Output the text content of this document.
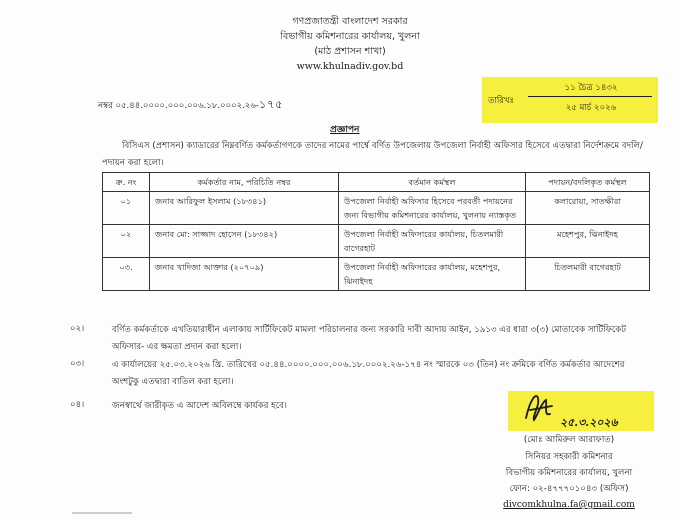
গণপ্রজাতন্ত্রী বাংলাদেশ সরকার
বিভাগীয় কমিশনারের কার্যালয়, খুলনা
(মাঠ প্রশাসন শাখা)
www.khulnadiv.gov.bd
নম্বর ০৫.৪৪.০০০০.০০০.০০৬.১৮.০০০২.২৬-১৭৫	তারিখঃ
১১ চৈত্র ১৪৩২
২৫ মার্চ ২০২৬
প্রজ্ঞাপন
বিসিএস (প্রশাসন) ক্যাডারের নিম্নবর্ণিত কর্মকর্তাগণকে তাদের নামের পার্শ্বে বর্ণিত উপজেলায় উপজেলা নির্বাহী অফিসার হিসেবে এতদ্বারা নির্দেশক্রমে বদলি/পদায়ন করা হলো।
ক্র. নং	কর্মকর্তার নাম, পরিচিতি নম্বর	বর্তমান কর্মস্থল	পদায়ন/বদলিকৃত কর্মস্থল
০১	জনাব আরিফুল ইসলাম (১৮৩৪১)	উপজেলা নির্বাহী অফিসার হিসেবে পরবর্তী পদায়নের জন্য বিভাগীয় কমিশনারের কার্যালয়, খুলনায় ন্যাস্তকৃত	কলারোয়া, সাতক্ষীরা
০২	জনাব মো: সাজ্জাদ হোসেন (১৮৩৪২)	উপজেলা নির্বাহী অফিসারের কার্যালয়, চিতলমারী বাগেরহাট	মহেশপুর, ঝিনাইদহ
০৩.	জনাব খাদিজা আক্তার (২০৭০৯)	উপজেলা নির্বাহী অফিসারের কার্যালয়, মহেশপুর, ঝিনাইদহ	চিতলমারী বাগেরহাট
০২।	বর্ণিত কর্মকর্তাকে এখতিয়ারাধীন এলাকায় সার্টিফিকেট মামলা পরিচালনার জন্য সরকারি দাবী আদায় আইন, ১৯১৩ এর ধারা ৩(৩) মোতাবেক সার্টিফিকেট অফিসার- এর ক্ষমতা প্রদান করা হলো।
০৩।	এ কার্যালয়ের ২৫.০৩.২০২৬ খ্রি. তারিখের ০৫.৪৪.০০০০.০০০.০০৬.১৮.০০০২.২৬-১৭৪ নং স্মারকে ০৩ (তিন) নং ক্রমিকে বর্ণিত কর্মকর্তার আদেশের অংশটুকু এতদ্বারা বাতিল করা হলো।
০৪।	জনস্বার্থে জারীকৃত এ আদেশ অবিলম্বে কার্যকর হবে।
২৫.৩.২০২৬
(মোঃ আমিরুল আরাফাত)
সিনিয়র সহকারী কমিশনার
বিভাগীয় কমিশনারের কার্যালয়, খুলনা
ফোন: ০২-৪৭৭৭০১০৪৩ (অফিস)
divcomkhulna.fa@gmail.com
